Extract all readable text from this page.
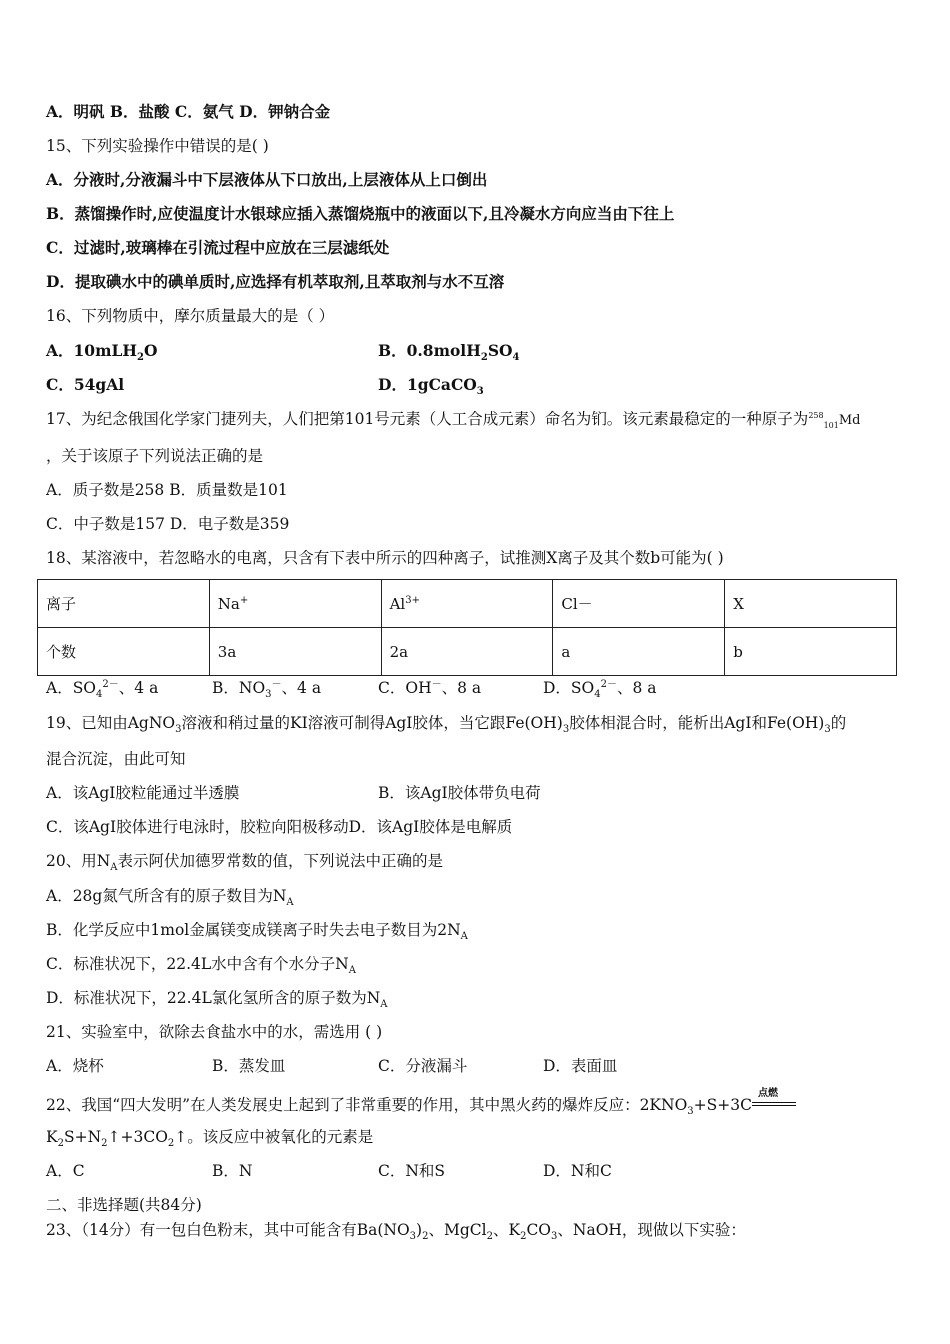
A．明矾 B．盐酸 C．氨气 D．钾钠合金
15、下列实验操作中错误的是( )
A．分液时,分液漏斗中下层液体从下口放出,上层液体从上口倒出
B．蒸馏操作时,应使温度计水银球应插入蒸馏烧瓶中的液面以下,且冷凝水方向应当由下往上
C．过滤时,玻璃棒在引流过程中应放在三层滤纸处
D．提取碘水中的碘单质时,应选择有机萃取剂,且萃取剂与水不互溶
16、下列物质中，摩尔质量最大的是（ ）
A．10mLH$_2$O	B．$0.8molH_2SO_4$
C．54gAl	D．1gCaCO$_3$
17、为纪念俄国化学家门捷列夫，人们把第101号元素（人工合成元素）命名为钔。该元素最稳定的一种原子为$^{258}_{101}$Md
，关于该原子下列说法正确的是
A．质子数是258 B．质量数是101
C．中子数是157 D．电子数是359
18、某溶液中，若忽略水的电离，只含有下表中所示的四种离子，试推测X离子及其个数b可能为( )
离子	Na+	$Al^{3+}$	Cl－	X
个数	3a	2a	a	b
A．$SO_4^{2-}$、4 a	B．$NO_3^-$、4 a	C．OH－、8 a	D．$SO_4^{2-}$、8 a
19、已知由AgNO$_3$溶液和稍过量的KI溶液可制得AgI胶体，当它跟$Fe(OH)_3$胶体相混合时，能析出AgI和$Fe(OH)_3$的
混合沉淀，由此可知
A．该AgI胶粒能通过半透膜	B．该AgI胶体带负电荷
C．该AgI胶体进行电泳时，胶粒向阳极移动D．该AgI胶体是电解质
20、用$N_A$表示阿伏加德罗常数的值，下列说法中正确的是
A．28g氮气所含有的原子数目为$N_A$
B．化学反应中1mol金属镁变成镁离子时失去电子数目为$2N_A$
C．标准状况下，22.4L水中含有个水分子$N_A$
D．标准状况下，22.4L氯化氢所含的原子数为$N_A$
21、实验室中，欲除去食盐水中的水，需选用 ( )
A．烧杯	B．蒸发皿	C．分液漏斗	D．表面皿
22、我国“四大发明”在人类发展史上起到了非常重要的作用，其中黑火药的爆炸反应：$2KNO_3+S+3C$
点燃
$K_2S+N_2↑+3CO_2↑$。该反应中被氧化的元素是
A．C	B．N	C．N和S	D．N和C
二、非选择题(共84分)
23、（14分）有一包白色粉末，其中可能含有$Ba(NO_3)_2$、MgCl$_2$、$K_2CO_3$、NaOH，现做以下实验：
